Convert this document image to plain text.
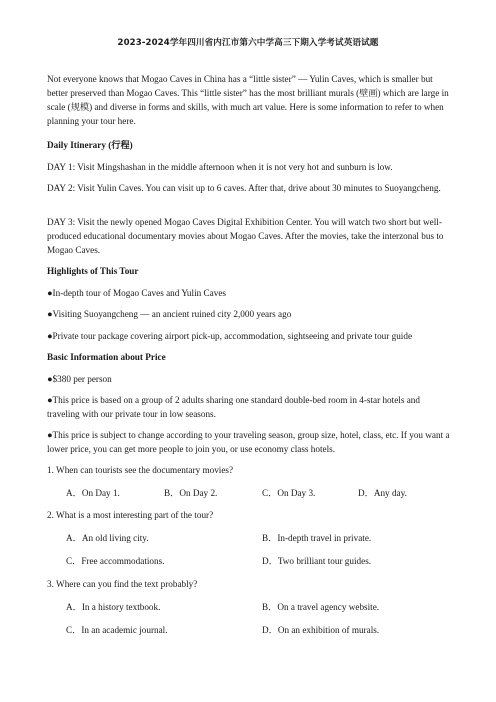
2023-2024学年四川省内江市第六中学高三下期入学考试英语试题
Not everyone knows that Mogao Caves in China has a “little sister” — Yulin Caves, which is smaller but better preserved than Mogao Caves. This “little sister” has the most brilliant murals (壁画) which are large in scale (规模) and diverse in forms and skills, with much art value. Here is some information to refer to when planning your tour here.
Daily Itinerary (行程)
DAY 1: Visit Mingshashan in the middle afternoon when it is not very hot and sunburn is low.
DAY 2: Visit Yulin Caves. You can visit up to 6 caves. After that, drive about 30 minutes to Suoyangcheng.
DAY 3: Visit the newly opened Mogao Caves Digital Exhibition Center. You will watch two short but well-produced educational documentary movies about Mogao Caves. After the movies, take the interzonal bus to Mogao Caves.
Highlights of This Tour
●In-depth tour of Mogao Caves and Yulin Caves
●Visiting Suoyangcheng — an ancient ruined city 2,000 years ago
●Private tour package covering airport pick-up, accommodation, sightseeing and private tour guide
Basic Information about Price
●$380 per person
●This price is based on a group of 2 adults sharing one standard double-bed room in 4-star hotels and traveling with our private tour in low seasons.
●This price is subject to change according to your traveling season, group size, hotel, class, etc. If you want a lower price, you can get more people to join you, or use economy class hotels.
1. When can tourists see the documentary movies?
A．On Day 1.	B．On Day 2.	C．On Day 3.	D．Any day.
2. What is a most interesting part of the tour?
A．An old living city.	B．In-depth travel in private.
C．Free accommodations.	D．Two brilliant tour guides.
3. Where can you find the text probably?
A．In a history textbook.	B．On a travel agency website.
C．In an academic journal.	D．On an exhibition of murals.
